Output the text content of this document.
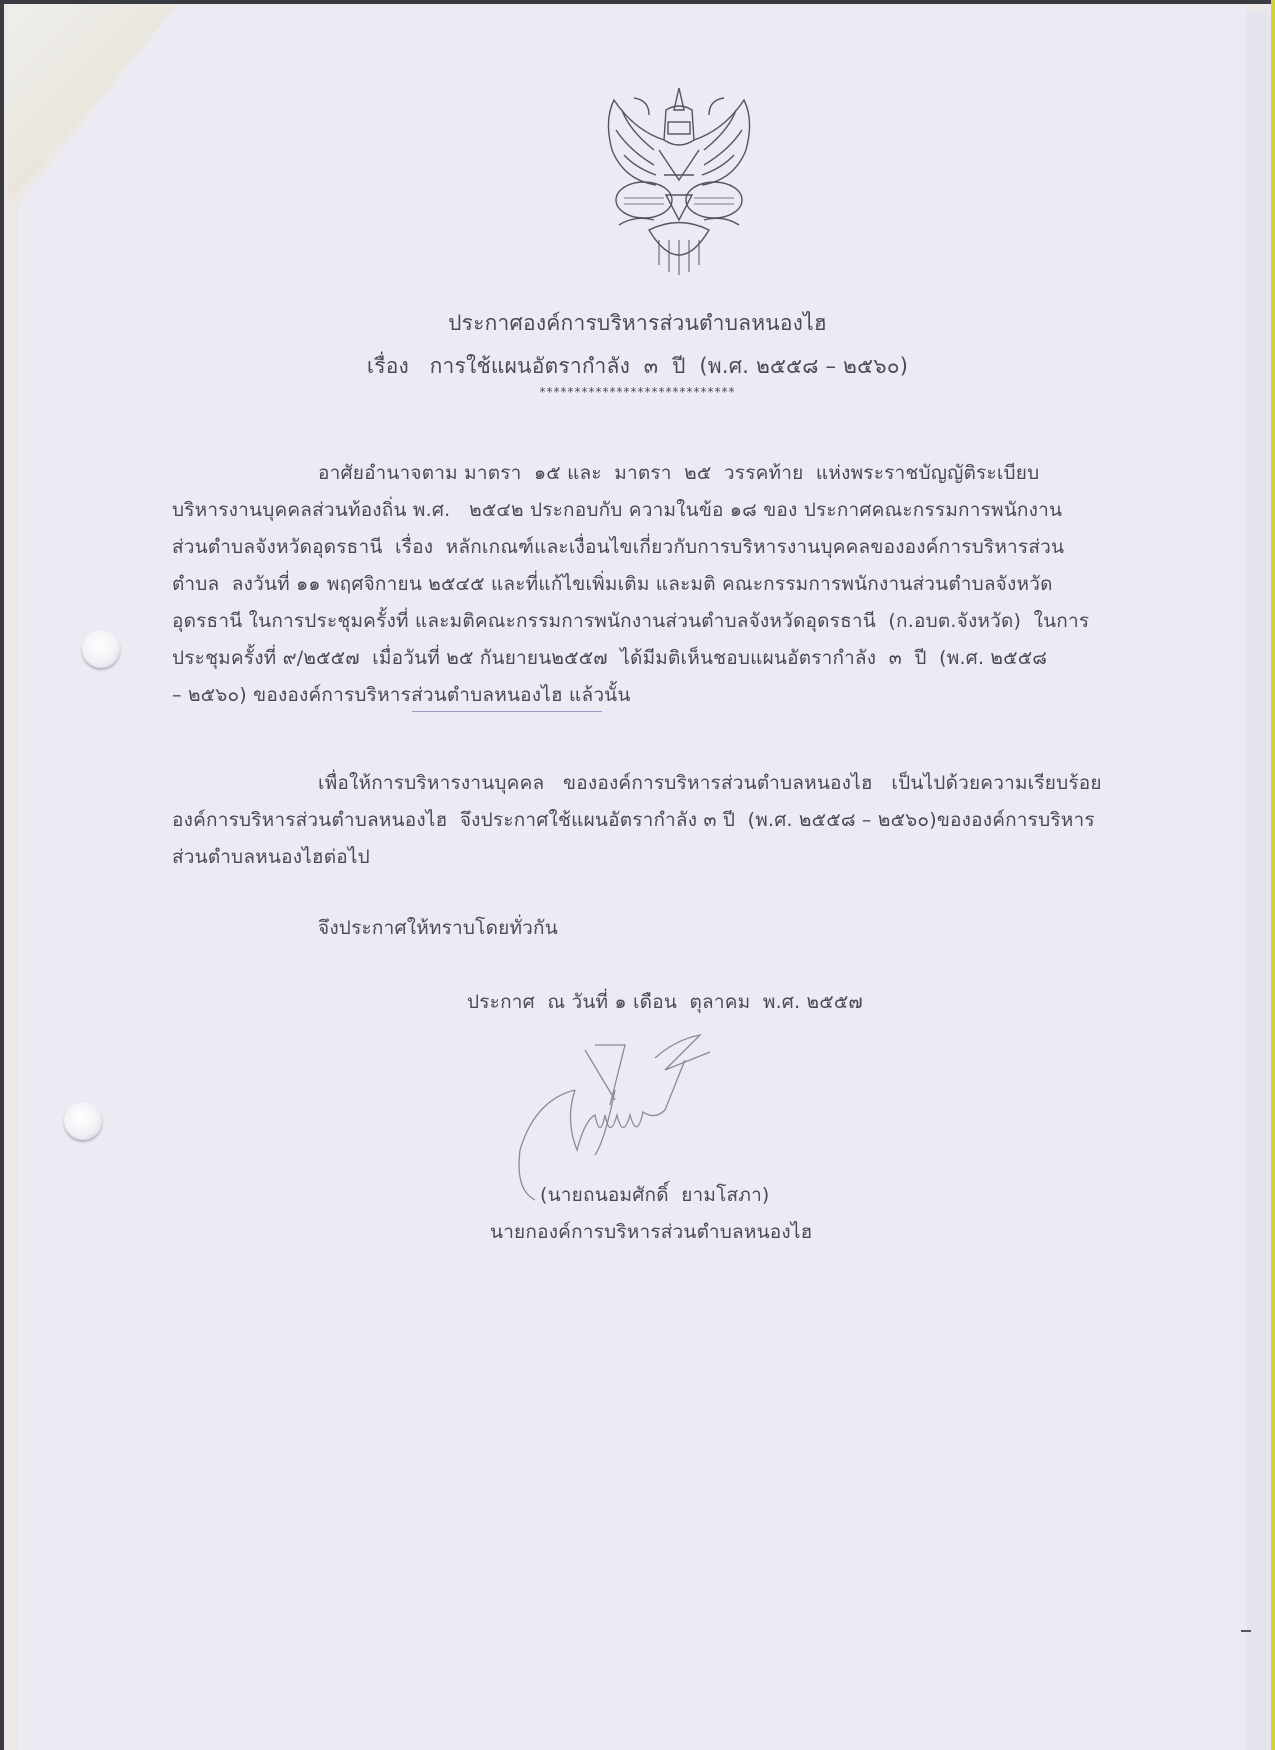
ประกาศองค์การบริหารส่วนตำบลหนองไฮ
เรื่อง   การใช้แผนอัตรากำลัง  ๓  ปี  (พ.ศ. ๒๕๕๘ – ๒๕๖๐)
****************************
อาศัยอำนาจตาม มาตรา  ๑๕ และ  มาตรา  ๒๕  วรรคท้าย  แห่งพระราชบัญญัติระเบียบ
บริหารงานบุคคลส่วนท้องถิ่น พ.ศ.   ๒๕๔๒ ประกอบกับ ความในข้อ ๑๘ ของ ประกาศคณะกรรมการพนักงาน
ส่วนตำบลจังหวัดอุดรธานี  เรื่อง  หลักเกณฑ์และเงื่อนไขเกี่ยวกับการบริหารงานบุคคลขององค์การบริหารส่วน
ตำบล  ลงวันที่ ๑๑ พฤศจิกายน ๒๕๔๕ และที่แก้ไขเพิ่มเติม และมติ คณะกรรมการพนักงานส่วนตำบลจังหวัด
อุดรธานี ในการประชุมครั้งที่ และมติคณะกรรมการพนักงานส่วนตำบลจังหวัดอุดรธานี  (ก.อบต.จังหวัด)  ในการ
ประชุมครั้งที่ ๙/๒๕๕๗  เมื่อวันที่ ๒๕ กันยายน๒๕๕๗  ได้มีมติเห็นชอบแผนอัตรากำลัง  ๓  ปี  (พ.ศ. ๒๕๕๘
– ๒๕๖๐) ขององค์การบริหารส่วนตำบลหนองไฮ แล้วนั้น
เพื่อให้การบริหารงานบุคคล   ขององค์การบริหารส่วนตำบลหนองไฮ   เป็นไปด้วยความเรียบร้อย
องค์การบริหารส่วนตำบลหนองไฮ  จึงประกาศใช้แผนอัตรากำลัง ๓ ปี  (พ.ศ. ๒๕๕๘ – ๒๕๖๐)ขององค์การบริหาร
ส่วนตำบลหนองไฮต่อไป
จึงประกาศให้ทราบโดยทั่วกัน
ประกาศ  ณ วันที่ ๑ เดือน  ตุลาคม  พ.ศ. ๒๕๕๗
(นายถนอมศักดิ์  ยามโสภา)
นายกองค์การบริหารส่วนตำบลหนองไฮ
